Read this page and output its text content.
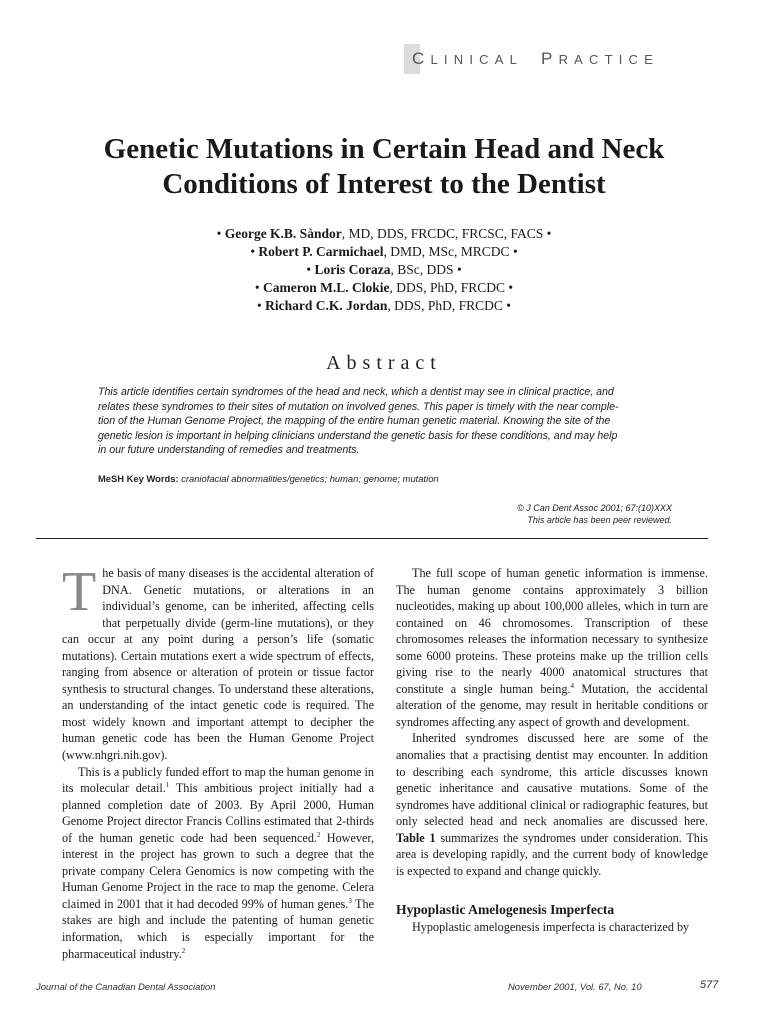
C LINICAL P RACTICE
Genetic Mutations in Certain Head and Neck
Conditions of Interest to the Dentist
• George K.B. Sàndor, MD, DDS, FRCDC, FRCSC, FACS •
• Robert P. Carmichael, DMD, MSc, MRCDC •
• Loris Coraza, BSc, DDS •
• Cameron M.L. Clokie, DDS, PhD, FRCDC •
• Richard C.K. Jordan, DDS, PhD, FRCDC •
Abstract
This article identifies certain syndromes of the head and neck, which a dentist may see in clinical practice, and
relates these syndromes to their sites of mutation on involved genes. This paper is timely with the near comple-
tion of the Human Genome Project, the mapping of the entire human genetic material. Knowing the site of the
genetic lesion is important in helping clinicians understand the genetic basis for these conditions, and may help
in our future understanding of remedies and treatments.
MeSH Key Words: craniofacial abnormalities/genetics; human; genome; mutation
© J Can Dent Assoc 2001; 67:(10)XXX
This article has been peer reviewed.

The basis of many diseases is the accidental alteration of DNA. Genetic mutations, or alterations in an individual’s genome, can be inherited, affecting cells that perpetually divide (germ-line mutations), or they can occur at any point during a person’s life (somatic mutations). Certain mutations exert a wide spectrum of effects, ranging from absence or alteration of protein or tissue factor synthesis to structural changes. To understand these alterations, an understanding of the intact genetic code is required. The most widely known and important attempt to decipher the human genetic code has been the Human Genome Project (www.nhgri.nih.gov).

This is a publicly funded effort to map the human genome in its molecular detail.$^1$ This ambitious project initially had a planned completion date of 2003. By April 2000, Human Genome Project director Francis Collins estimated that 2-thirds of the human genetic code had been sequenced.$^2$ However, interest in the project has grown to such a degree that the private company Celera Genomics is now competing with the Human Genome Project in the race to map the genome. Celera claimed in 2001 that it had decoded 99% of human genes.$^3$ The stakes are high and include the patenting of human genetic information, which is especially important for the pharmaceutical industry.$^2$

The full scope of human genetic information is immense. The human genome contains approximately 3 billion nucleotides, making up about 100,000 alleles, which in turn are contained on 46 chromosomes. Transcription of these chromosomes releases the information necessary to synthesize some 6000 proteins. These proteins make up the trillion cells giving rise to the nearly 4000 anatomical structures that constitute a single human being.$^4$ Mutation, the accidental alteration of the genome, may result in heritable conditions or syndromes affecting any aspect of growth and development.

Inherited syndromes discussed here are some of the anomalies that a practising dentist may encounter. In addition to describing each syndrome, this article discusses known genetic inheritance and causative mutations. Some of the syndromes have additional clinical or radiographic features, but only selected head and neck anomalies are discussed here. Table 1 summarizes the syndromes under consideration. This area is developing rapidly, and the current body of knowledge is expected to expand and change quickly.

Hypoplastic Amelogenesis Imperfecta

Hypoplastic amelogenesis imperfecta is characterized by

Journal of the Canadian Dental Association	November 2001, Vol. 67, No. 10	577
